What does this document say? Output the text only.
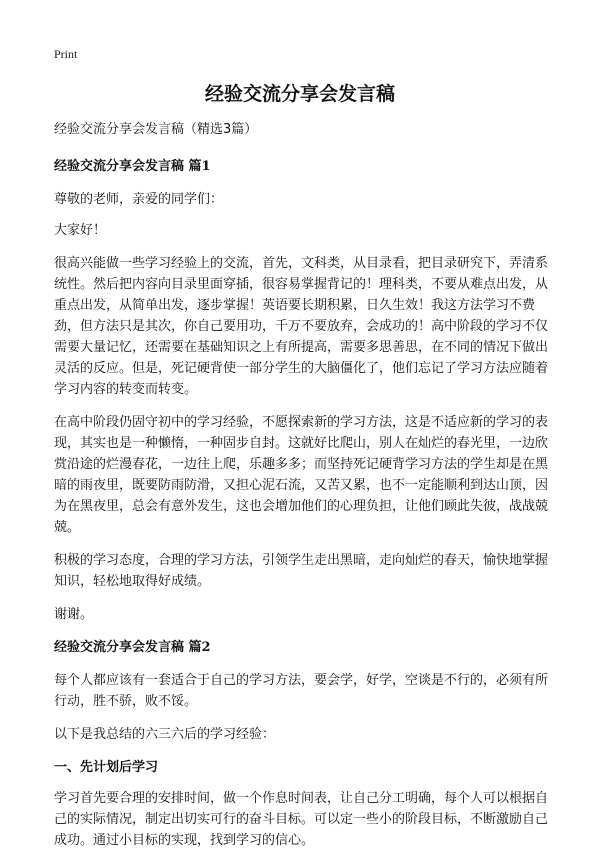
Print
经验交流分享会发言稿

经验交流分享会发言稿（精选3篇）

经验交流分享会发言稿 篇1

尊敬的老师，亲爱的同学们：

大家好！

很高兴能做一些学习经验上的交流，首先，文科类，从目录看，把目录研究下，弄清系统性。然后把内容向目录里面穿插，很容易掌握背记的！理科类，不要从难点出发，从重点出发，从简单出发，逐步掌握！英语要长期积累，日久生效！我这方法学习不费劲，但方法只是其次，你自己要用功，千万不要放弃，会成功的！高中阶段的学习不仅需要大量记忆，还需要在基础知识之上有所提高，需要多思善思，在不同的情况下做出灵活的反应。但是，死记硬背使一部分学生的大脑僵化了，他们忘记了学习方法应随着学习内容的转变而转变。

在高中阶段仍固守初中的学习经验，不愿探索新的学习方法，这是不适应新的学习的表现，其实也是一种懒惰，一种固步自封。这就好比爬山，别人在灿烂的春光里，一边欣赏沿途的烂漫春花，一边往上爬，乐趣多多；而坚持死记硬背学习方法的学生却是在黑暗的雨夜里，既要防雨防滑，又担心泥石流，又苦又累，也不一定能顺利到达山顶，因为在黑夜里，总会有意外发生，这也会增加他们的心理负担，让他们顾此失彼，战战兢兢。

积极的学习态度，合理的学习方法，引领学生走出黑暗，走向灿烂的春天，愉快地掌握知识，轻松地取得好成绩。

谢谢。

经验交流分享会发言稿 篇2

每个人都应该有一套适合于自己的学习方法，要会学，好学，空谈是不行的，必须有所行动，胜不骄，败不馁。

以下是我总结的六三六后的学习经验：

一、先计划后学习

学习首先要合理的安排时间，做一个作息时间表，让自己分工明确，每个人可以根据自己的实际情况，制定出切实可行的奋斗目标。可以定一些小的阶段目标，不断激励自己成功。通过小目标的实现，找到学习的信心。
